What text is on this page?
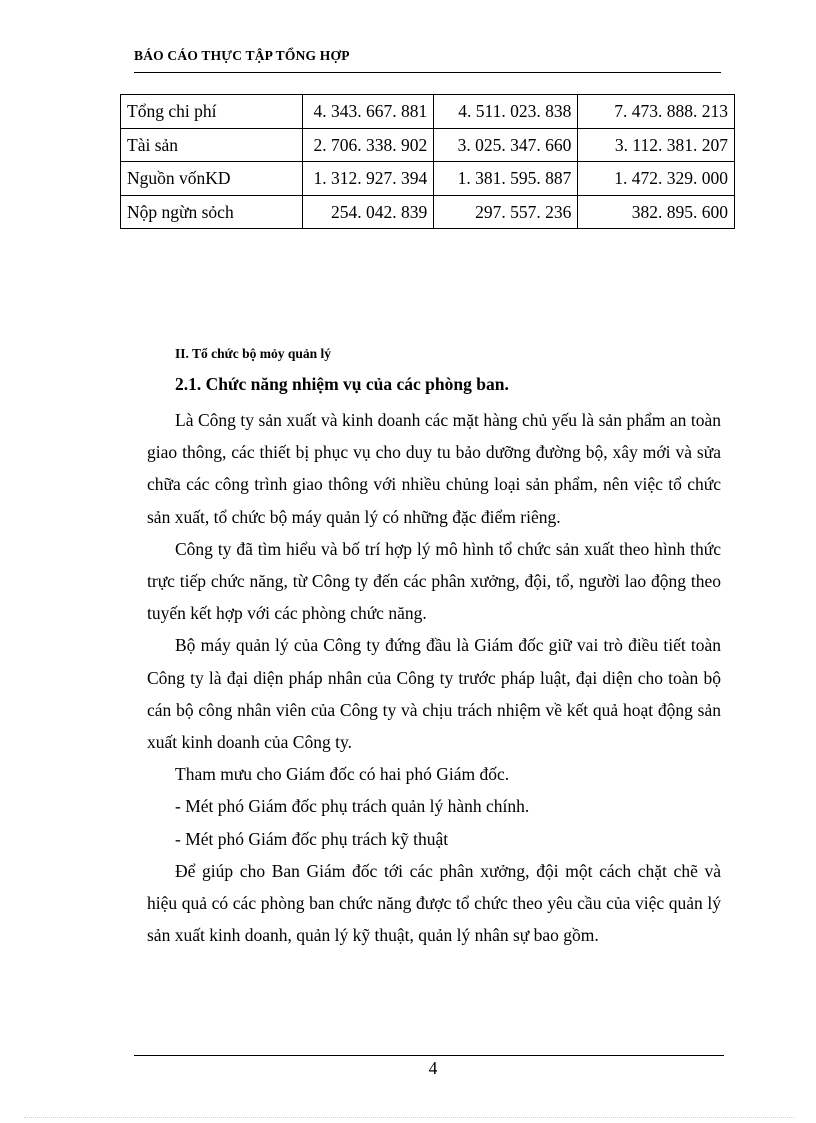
BÁO CÁO THỰC TẬP TỔNG HỢP
Tổng chi phí	4. 343. 667. 881	4. 511. 023. 838	7. 473. 888. 213
Tài sản	2. 706. 338. 902	3. 025. 347. 660	3. 112. 381. 207
Nguồn vốnKD	1. 312. 927. 394	1. 381. 595. 887	1. 472. 329. 000
Nộp ngừn sỏch	254. 042. 839	297. 557. 236	382. 895. 600
II. Tổ chức bộ mỏy quản lý
2.1. Chức năng nhiệm vụ của các phòng ban.

Là Công ty sản xuất và kinh doanh các mặt hàng chủ yếu là sản phẩm an toàn giao thông, các thiết bị phục vụ cho duy tu bảo dưỡng đường bộ, xây mới và sửa chữa các công trình giao thông với nhiều chủng loại sản phẩm, nên việc tổ chức sản xuất, tổ chức bộ máy quản lý có những đặc điểm riêng.

Công ty đã tìm hiểu và bố trí hợp lý mô hình tổ chức sản xuất theo hình thức trực tiếp chức năng, từ Công ty đến các phân xưởng, đội, tổ, người lao động theo tuyến kết hợp với các phòng chức năng.

Bộ máy quản lý của Công ty đứng đầu là Giám đốc giữ vai trò điều tiết toàn Công ty là đại diện pháp nhân của Công ty trước pháp luật, đại diện cho toàn bộ cán bộ công nhân viên của Công ty và chịu trách nhiệm về kết quả hoạt động sản xuất kinh doanh của Công ty.

Tham mưu cho Giám đốc có hai phó Giám đốc.

- Mét phó Giám đốc phụ trách quản lý hành chính.

- Mét phó Giám đốc phụ trách kỹ thuật

Để giúp cho Ban Giám đốc tới các phân xưởng, đội một cách chặt chẽ và hiệu quả có các phòng ban chức năng được tổ chức theo yêu cầu của việc quản lý sản xuất kinh doanh, quản lý kỹ thuật, quản lý nhân sự bao gồm.

4
